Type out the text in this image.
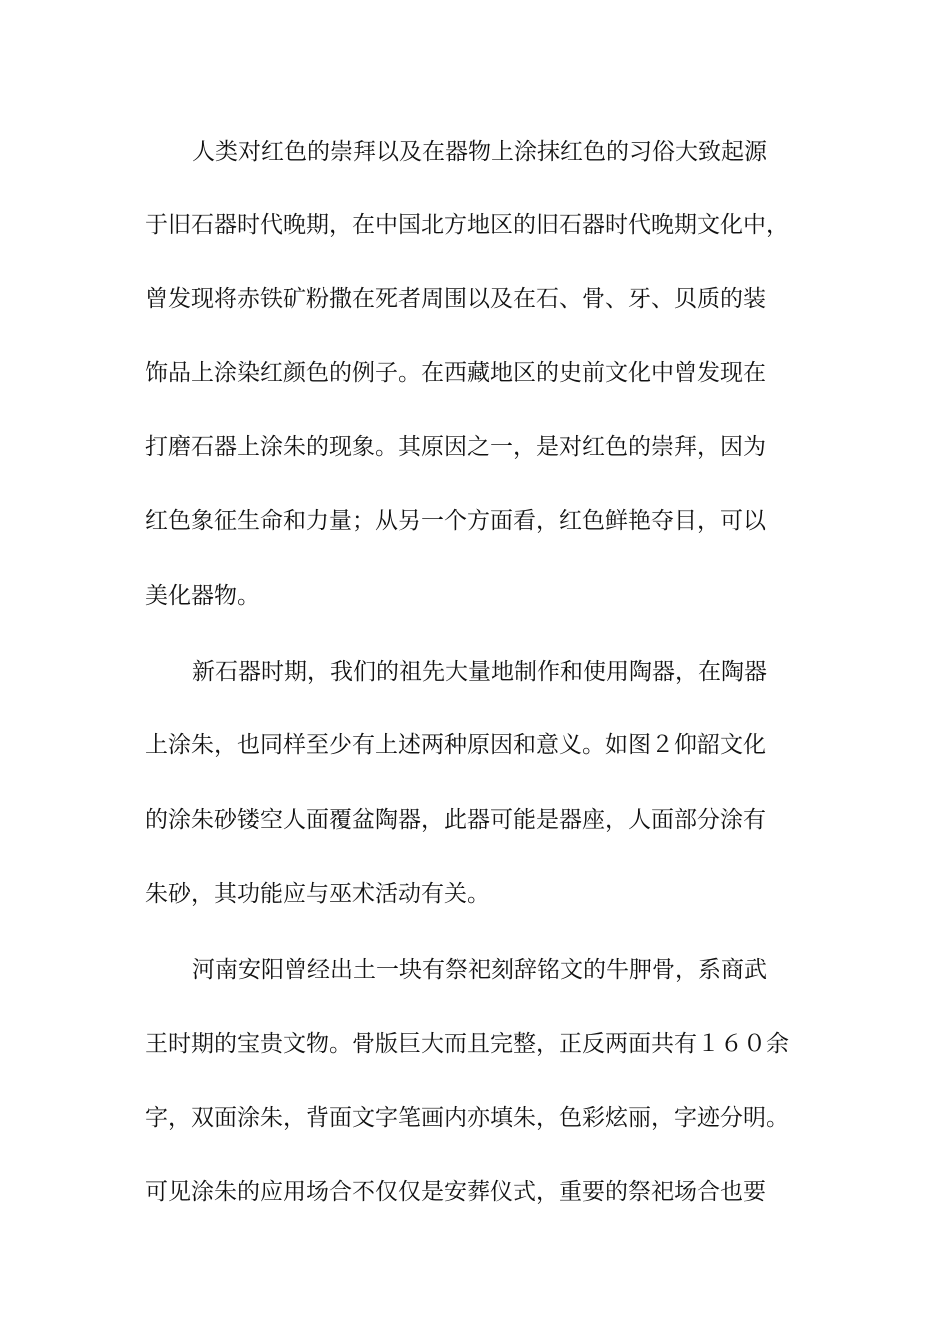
人类对红色的崇拜以及在器物上涂抹红色的习俗大致起源

于旧石器时代晚期，在中国北方地区的旧石器时代晚期文化中，

曾发现将赤铁矿粉撒在死者周围以及在石、骨、牙、贝质的装

饰品上涂染红颜色的例子。在西藏地区的史前文化中曾发现在

打磨石器上涂朱的现象。其原因之一，是对红色的崇拜，因为

红色象征生命和力量；从另一个方面看，红色鲜艳夺目，可以

美化器物。

新石器时期，我们的祖先大量地制作和使用陶器，在陶器

上涂朱，也同样至少有上述两种原因和意义。如图２仰韶文化

的涂朱砂镂空人面覆盆陶器，此器可能是器座，人面部分涂有

朱砂，其功能应与巫术活动有关。

河南安阳曾经出土一块有祭祀刻辞铭文的牛胛骨，系商武

王时期的宝贵文物。骨版巨大而且完整，正反两面共有１６０余

字，双面涂朱，背面文字笔画内亦填朱，色彩炫丽，字迹分明。

可见涂朱的应用场合不仅仅是安葬仪式，重要的祭祀场合也要
